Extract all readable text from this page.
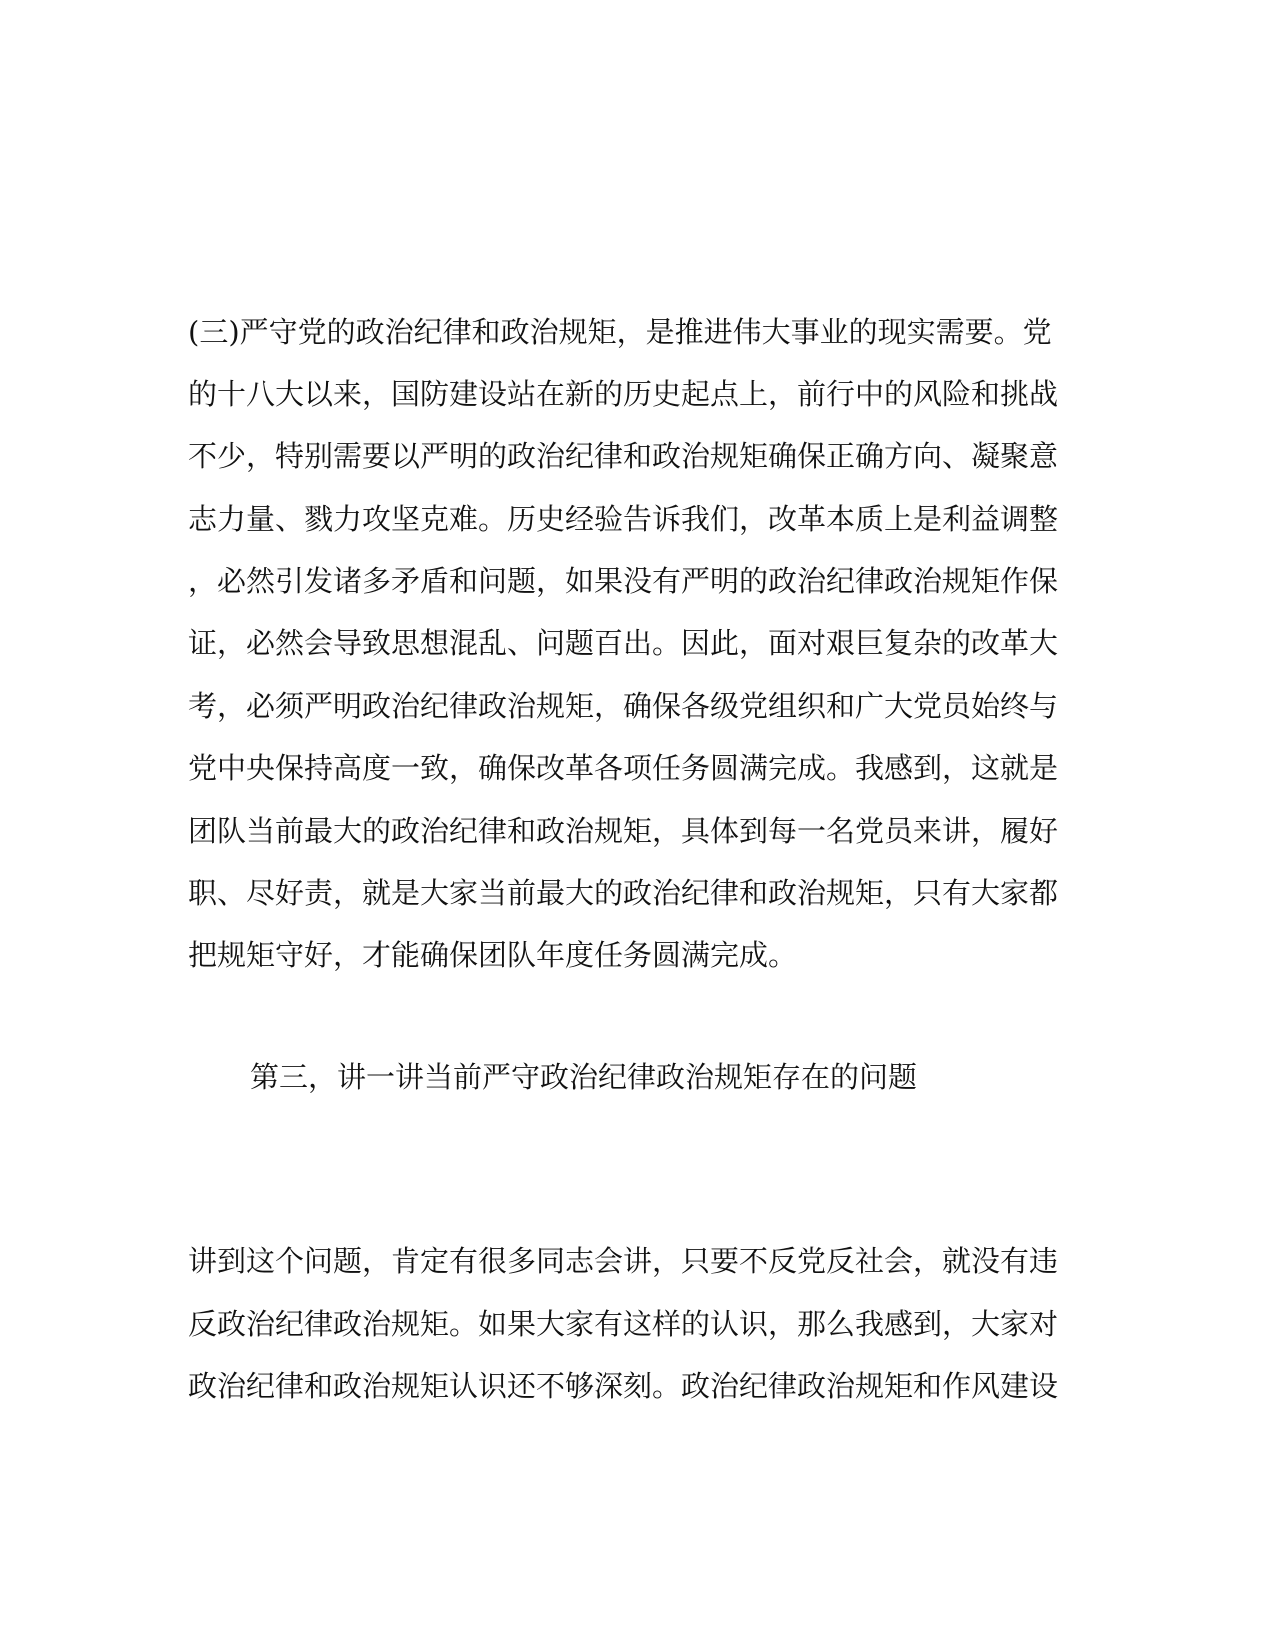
(三)严守党的政治纪律和政治规矩，是推进伟大事业的现实需要。党
的十八大以来，国防建设站在新的历史起点上，前行中的风险和挑战
不少，特别需要以严明的政治纪律和政治规矩确保正确方向、凝聚意
志力量、戮力攻坚克难。历史经验告诉我们，改革本质上是利益调整
，必然引发诸多矛盾和问题，如果没有严明的政治纪律政治规矩作保
证，必然会导致思想混乱、问题百出。因此，面对艰巨复杂的改革大
考，必须严明政治纪律政治规矩，确保各级党组织和广大党员始终与
党中央保持高度一致，确保改革各项任务圆满完成。我感到，这就是
团队当前最大的政治纪律和政治规矩，具体到每一名党员来讲，履好
职、尽好责，就是大家当前最大的政治纪律和政治规矩，只有大家都
把规矩守好，才能确保团队年度任务圆满完成。
第三，讲一讲当前严守政治纪律政治规矩存在的问题
讲到这个问题，肯定有很多同志会讲，只要不反党反社会，就没有违
反政治纪律政治规矩。如果大家有这样的认识，那么我感到，大家对
政治纪律和政治规矩认识还不够深刻。政治纪律政治规矩和作风建设
